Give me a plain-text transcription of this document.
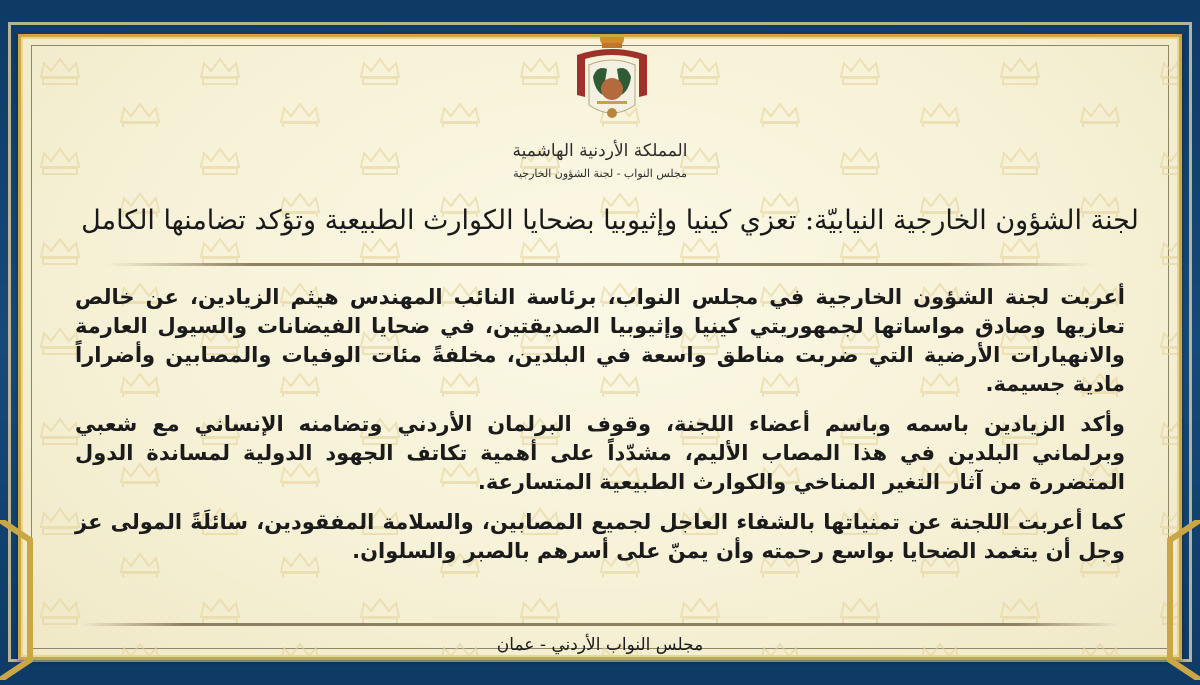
المملكة الأردنية الهاشمية
مجلس النواب - لجنة الشؤون الخارجية
لجنة الشؤون الخارجية النيابيّة: تعزي كينيا وإثيوبيا بضحايا الكوارث الطبيعية وتؤكد تضامنها الكامل

أعربت لجنة الشؤون الخارجية في مجلس النواب، برئاسة النائب المهندس هيثم الزيادين، عن خالص تعازيها وصادق مواساتها لجمهوريتي كينيا وإثيوبيا الصديقتين، في ضحايا الفيضانات والسيول العارمة والانهيارات الأرضية التي ضربت مناطق واسعة في البلدين، مخلفةً مئات الوفيات والمصابين وأضراراً مادية جسيمة.

وأكد الزيادين باسمه وباسم أعضاء اللجنة، وقوف البرلمان الأردني وتضامنه الإنساني مع شعبي وبرلماني البلدين في هذا المصاب الأليم، مشدّداً على أهمية تكاتف الجهود الدولية لمساندة الدول المتضررة من آثار التغير المناخي والكوارث الطبيعية المتسارعة.

كما أعربت اللجنة عن تمنياتها بالشفاء العاجل لجميع المصابين، والسلامة المفقودين، سائلَةً المولى عز وجل أن يتغمد الضحايا بواسع رحمته وأن يمنّ على أسرهم بالصبر والسلوان.

مجلس النواب الأردني - عمان
